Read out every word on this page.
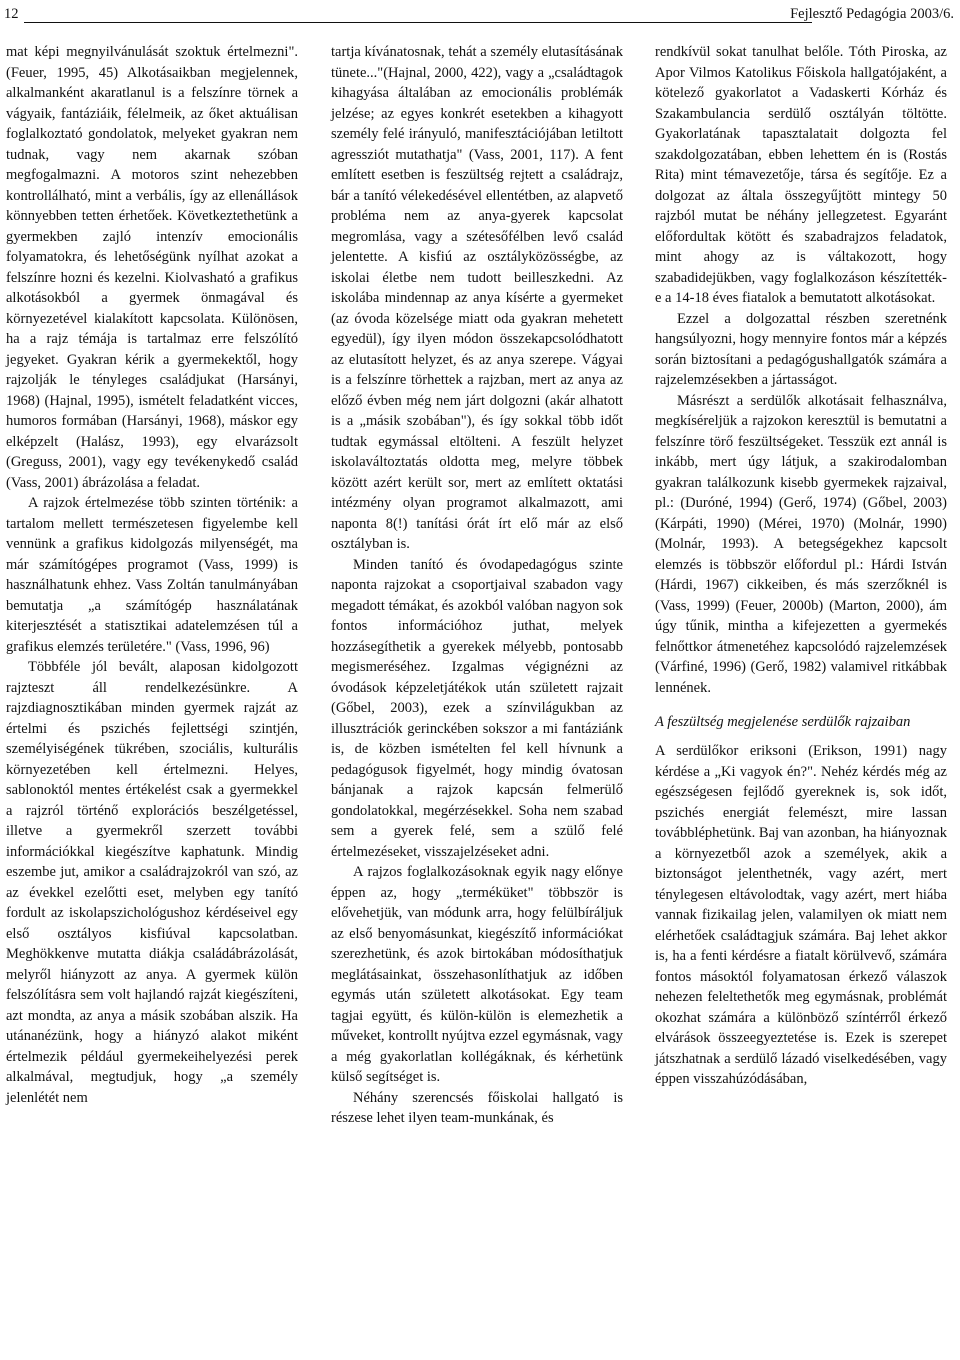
12	Fejlesztő Pedagógia 2003/6.

mat képi megnyilvánulását szoktuk értelmezni". (Feuer, 1995, 45) Alkotásaikban megjelennek, alkalmanként akaratlanul is a felszínre törnek a vágyaik, fantáziáik, félelmeik, az őket aktuálisan foglalkoztató gondolatok, melyeket gyakran nem tudnak, vagy nem akarnak szóban megfogalmazni. A motoros szint nehezebben kontrollálható, mint a verbális, így az ellenállások könnyebben tetten érhetőek. Következtethetünk a gyermekben zajló intenzív emocionális folyamatokra, és lehetőségünk nyílhat azokat a felszínre hozni és kezelni. Kiolvasható a grafikus alkotásokból a gyermek önmagával és környezetével kialakított kapcsolata. Különösen, ha a rajz témája is tartalmaz erre felszólító jegyeket. Gyakran kérik a gyermekektől, hogy rajzolják le tényleges családjukat (Harsányi, 1968) (Hajnal, 1995), ismételt feladatként vicces, humoros formában (Harsányi, 1968), máskor egy elképzelt (Halász, 1993), egy elvarázsolt (Greguss, 2001), vagy egy tevékenykedő család (Vass, 2001) ábrázolása a feladat.

A rajzok értelmezése több szinten történik: a tartalom mellett természetesen figyelembe kell vennünk a grafikus kidolgozás milyenségét, ma már számítógépes programot (Vass, 1999) is használhatunk ehhez. Vass Zoltán tanulmányában bemutatja „a számítógép használatának kiterjesztését a statisztikai adatelemzésen túl a grafikus elemzés területére." (Vass, 1996, 96)

Többféle jól bevált, alaposan kidolgozott rajzteszt áll rendelkezésünkre. A rajzdiagnosztikában minden gyermek rajzát az értelmi és pszichés fejlettségi szintjén, személyiségének tükrében, szociális, kulturális környezetében kell értelmezni. Helyes, sablonoktól mentes értékelést csak a gyermekkel a rajzról történő explorációs beszélgetéssel, illetve a gyermekről szerzett további információkkal kiegészítve kaphatunk. Mindig eszembe jut, amikor a családrajzokról van szó, az az évekkel ezelőtti eset, melyben egy tanító fordult az iskolapszichológushoz kérdéseivel egy első osztályos kisfiúval kapcsolatban. Meghökkenve mutatta diákja családábrázolását, melyről hiányzott az anya. A gyermek külön felszólításra sem volt hajlandó rajzát kiegészíteni, azt mondta, az anya a másik szobában alszik. Ha utánanézünk, hogy a hiányzó alakot miként értelmezik például gyermekeihelyezési perek alkalmával, megtudjuk, hogy „a személy jelenlétét nem

tartja kívánatosnak, tehát a személy elutasításának tünete..."(Hajnal, 2000, 422), vagy a „családtagok kihagyása általában az emocionális problémák jelzése; az egyes konkrét esetekben a kihagyott személy felé irányuló, manifesztációjában letiltott agressziót mutathatja" (Vass, 2001, 117). A fent említett esetben is feszültség rejtett a családrajz, bár a tanító vélekedésével ellentétben, az alapvető probléma nem az anya-gyerek kapcsolat megromlása, vagy a szétesőfélben levő család jelentette. A kisfiú az osztályközösségbe, az iskolai életbe nem tudott beilleszkedni. Az iskolába mindennap az anya kísérte a gyermeket (az óvoda közelsége miatt oda gyakran mehetett egyedül), így ilyen módon összekapcsolódhatott az elutasított helyzet, és az anya szerepe. Vágyai is a felszínre törhettek a rajzban, mert az anya az előző évben még nem járt dolgozni (akár alhatott is a „másik szobában"), és így sokkal több időt tudtak egymással eltölteni. A feszült helyzet iskolaváltoztatás oldotta meg, melyre többek között azért került sor, mert az említett oktatási intézmény olyan programot alkalmazott, ami naponta 8(!) tanítási órát írt elő már az első osztályban is.

Minden tanító és óvodapedagógus szinte naponta rajzokat a csoportjaival szabadon vagy megadott témákat, és azokból valóban nagyon sok fontos információhoz juthat, melyek hozzásegíthetik a gyerekek mélyebb, pontosabb megismeréséhez. Izgalmas végignézni az óvodások képzeletjátékok után született rajzait (Gőbel, 2003), ezek a színvilágukban az illusztrációk gerinckében sokszor a mi fantáziánk is, de közben ismételten fel kell hívnunk a pedagógusok figyelmét, hogy mindig óvatosan bánjanak a rajzok kapcsán felmerülő gondolatokkal, megérzésekkel. Soha nem szabad sem a gyerek felé, sem a szülő felé értelmezéseket, visszajelzéseket adni.

A rajzos foglalkozásoknak egyik nagy előnye éppen az, hogy „terméküket" többször is elővehetjük, van módunk arra, hogy felülbíráljuk az első benyomásunkat, kiegészítő információkat szerezhetünk, és azok birtokában módosíthatjuk meglátásainkat, összehasonlíthatjuk az időben egymás után született alkotásokat. Egy team tagjai együtt, és külön-külön is elemezhetik a műveket, kontrollt nyújtva ezzel egymásnak, vagy a még gyakorlatlan kollégáknak, és kérhetünk külső segítséget is.

Néhány szerencsés főiskolai hallgató is részese lehet ilyen team-munkának, és

rendkívül sokat tanulhat belőle. Tóth Piroska, az Apor Vilmos Katolikus Főiskola hallgatójaként, a kötelező gyakorlatot a Vadaskerti Kórház és Szakambulancia serdülő osztályán töltötte. Gyakorlatának tapasztalatait dolgozta fel szakdolgozatában, ebben lehettem én is (Rostás Rita) mint témavezetője, társa és segítője. Ez a dolgozat az általa összegyűjtött mintegy 50 rajzból mutat be néhány jellegzetest. Egyaránt előfordultak kötött és szabadrajzos feladatok, mint ahogy az is váltakozott, hogy szabadidejükben, vagy foglalkozáson készítették-e a 14-18 éves fiatalok a bemutatott alkotásokat.

Ezzel a dolgozattal részben szeretnénk hangsúlyozni, hogy mennyire fontos már a képzés során biztosítani a pedagógushallgatók számára a rajzelemzésekben a jártasságot.

Másrészt a serdülők alkotásait felhasználva, megkíséreljük a rajzokon keresztül is bemutatni a felszínre törő feszültségeket. Tesszük ezt annál is inkább, mert úgy látjuk, a szakirodalomban gyakran találkozunk kisebb gyermekek rajzaival, pl.: (Duróné, 1994) (Gerő, 1974) (Gőbel, 2003) (Kárpáti, 1990) (Mérei, 1970) (Molnár, 1990) (Molnár, 1993). A betegségekhez kapcsolt elemzés is többször előfordul pl.: Hárdi István (Hárdi, 1967) cikkeiben, és más szerzőknél is (Vass, 1999) (Feuer, 2000b) (Marton, 2000), ám úgy tűnik, mintha a kifejezetten a gyermekés felnőttkor átmenetéhez kapcsolódó rajzelemzések (Várfiné, 1996) (Gerő, 1982) valamivel ritkábbak lennének.

A feszültség megjelenése serdülők rajzaiban

A serdülőkor eriksoni (Erikson, 1991) nagy kérdése a „Ki vagyok én?". Nehéz kérdés még az egészségesen fejlődő gyereknek is, sok időt, pszichés energiát felemészt, mire lassan továbbléphetünk. Baj van azonban, ha hiányoznak a környezetből azok a személyek, akik a biztonságot jelenthetnék, vagy azért, mert ténylegesen eltávolodtak, vagy azért, mert hiába vannak fizikailag jelen, valamilyen ok miatt nem elérhetőek családtagjuk számára. Baj lehet akkor is, ha a fenti kérdésre a fiatalt körülvevő, számára fontos másoktól folyamatosan érkező válaszok nehezen feleltethetők meg egymásnak, problémát okozhat számára a különböző színtérről érkező elvárások összeegyeztetése is. Ezek is szerepet játszhatnak a serdülő lázadó viselkedésében, vagy éppen visszahúzódásában,
